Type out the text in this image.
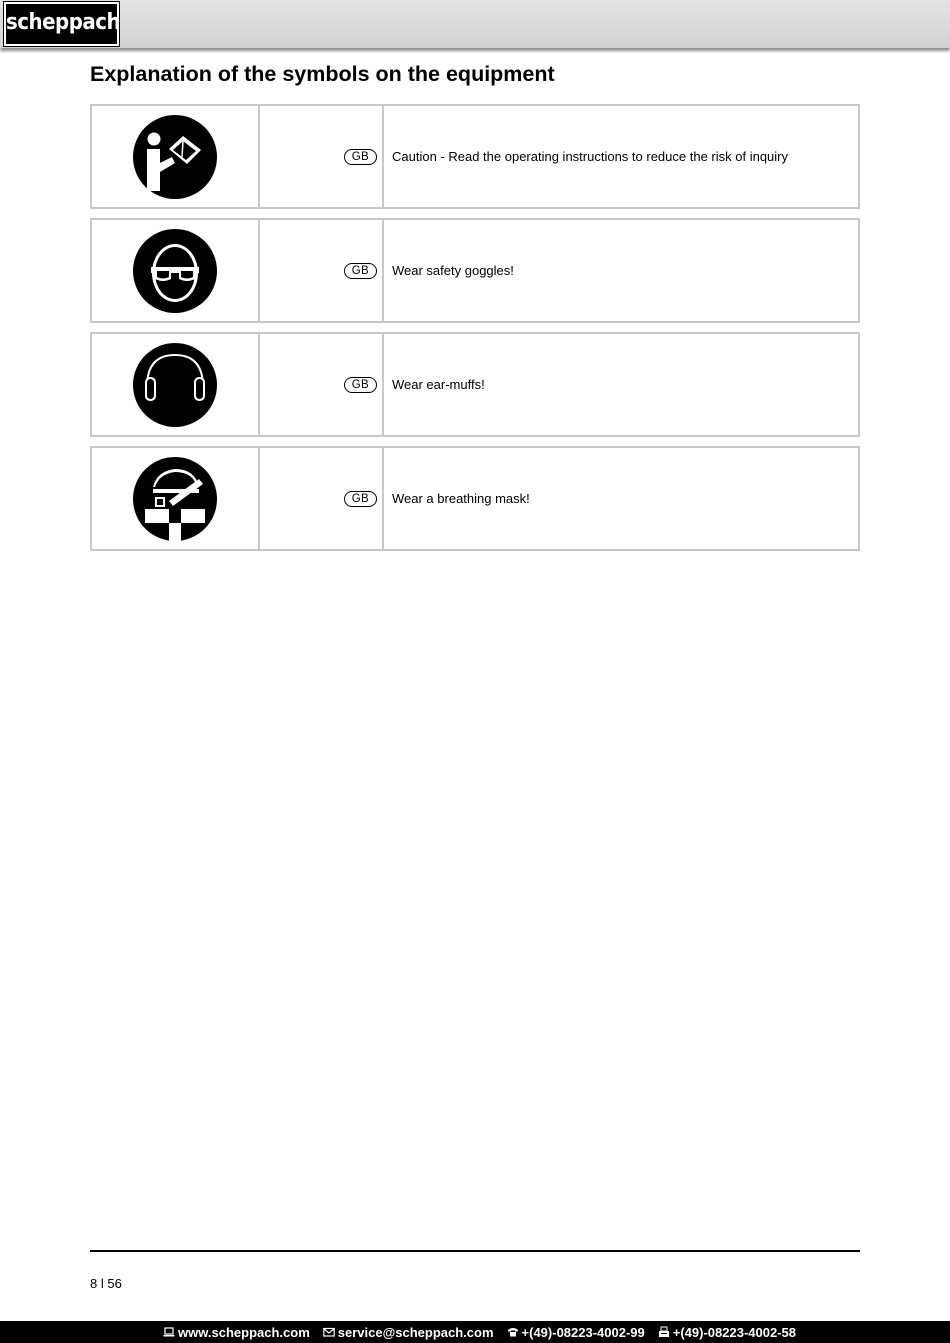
scheppach
Explanation of the symbols on the equipment
GB	Caution - Read the operating instructions to reduce the risk of inquiry
GB	Wear safety goggles!
GB	Wear ear-muffs!
GB	Wear a breathing mask!
8 l 56
www.scheppach.com service@scheppach.com +(49)-08223-4002-99 +(49)-08223-4002-58
